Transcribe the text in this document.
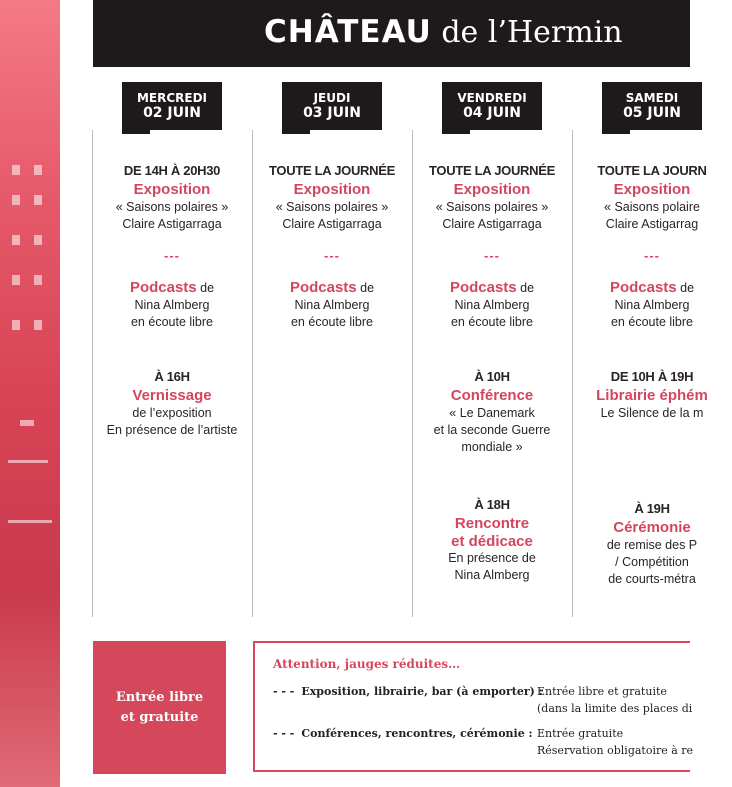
CHÂTEAU de l’Hermin
MERCREDI
02 JUIN
DE 14H À 20H30
Exposition
« Saisons polaires »
Claire Astigarraga
---
Podcasts de
Nina Almberg
en écoute libre
À 16H
Vernissage
de l’exposition
En présence de l’artiste
JEUDI
03 JUIN
TOUTE LA JOURNÉE
Exposition
« Saisons polaires »
Claire Astigarraga
---
Podcasts de
Nina Almberg
en écoute libre
VENDREDI
04 JUIN
TOUTE LA JOURNÉE
Exposition
« Saisons polaires »
Claire Astigarraga
---
Podcasts de
Nina Almberg
en écoute libre
À 10H
Conférence
« Le Danemark
et la seconde Guerre
mondiale »
À 18H
Rencontre
et dédicace
En présence de
Nina Almberg
SAMEDI
05 JUIN
TOUTE LA JOURN
Exposition
« Saisons polaire
Claire Astigarrag
---
Podcasts de
Nina Almberg
en écoute libre
DE 10H À 19H
Librairie éphém
Le Silence de la m
À 19H
Cérémonie
de remise des P
/ Compétition
de courts-métra
Entrée libre
et gratuite
Attention, jauges réduites…
- - - Exposition, librairie, bar (à emporter) :
Entrée libre et gratuite
(dans la limite des places di
- - - Conférences, rencontres, cérémonie : Entrée gratuite
Réservation obligatoire à re
